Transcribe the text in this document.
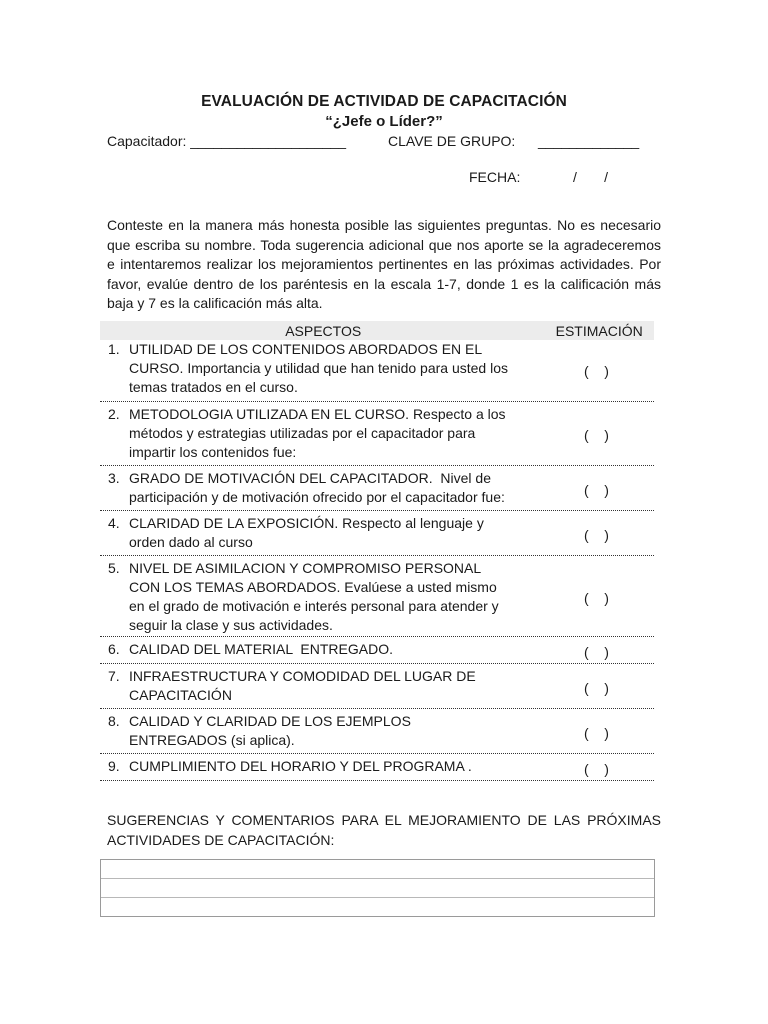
EVALUACIÓN DE ACTIVIDAD DE CAPACITACIÓN
“¿Jefe o Líder?”
Capacitador: ____________________	CLAVE DE GRUPO: _____________
FECHA:	/       /
Conteste en la manera más honesta posible las siguientes preguntas. No es necesario que escriba su nombre. Toda sugerencia adicional que nos aporte se la agradeceremos e intentaremos realizar los mejoramientos pertinentes en las próximas actividades. Por favor, evalúe dentro de los paréntesis en la escala 1-7, donde 1 es la calificación más baja y 7 es la calificación más alta.
ASPECTOS	ESTIMACIÓN
1. UTILIDAD DE LOS CONTENIDOS ABORDADOS EN EL
CURSO. Importancia y utilidad que han tenido para usted los
temas tratados en el curso.
(    )
2. METODOLOGIA UTILIZADA EN EL CURSO. Respecto a los
métodos y estrategias utilizadas por el capacitador para
impartir los contenidos fue:
(    )
3. GRADO DE MOTIVACIÓN DEL CAPACITADOR.  Nivel de
participación y de motivación ofrecido por el capacitador fue:	(    )
4. CLARIDAD DE LA EXPOSICIÓN. Respecto al lenguaje y
orden dado al curso	(    )
5. NIVEL DE ASIMILACION Y COMPROMISO PERSONAL
CON LOS TEMAS ABORDADOS. Evalúese a usted mismo
en el grado de motivación e interés personal para atender y
seguir la clase y sus actividades.
(    )
6. CALIDAD DEL MATERIAL  ENTREGADO.	(    )
7. INFRAESTRUCTURA Y COMODIDAD DEL LUGAR DE
CAPACITACIÓN	(    )
8. CALIDAD Y CLARIDAD DE LOS EJEMPLOS
ENTREGADOS (si aplica).	(    )
9. CUMPLIMIENTO DEL HORARIO Y DEL PROGRAMA .	(    )
SUGERENCIAS Y COMENTARIOS PARA EL MEJORAMIENTO DE LAS PRÓXIMAS ACTIVIDADES DE CAPACITACIÓN:
